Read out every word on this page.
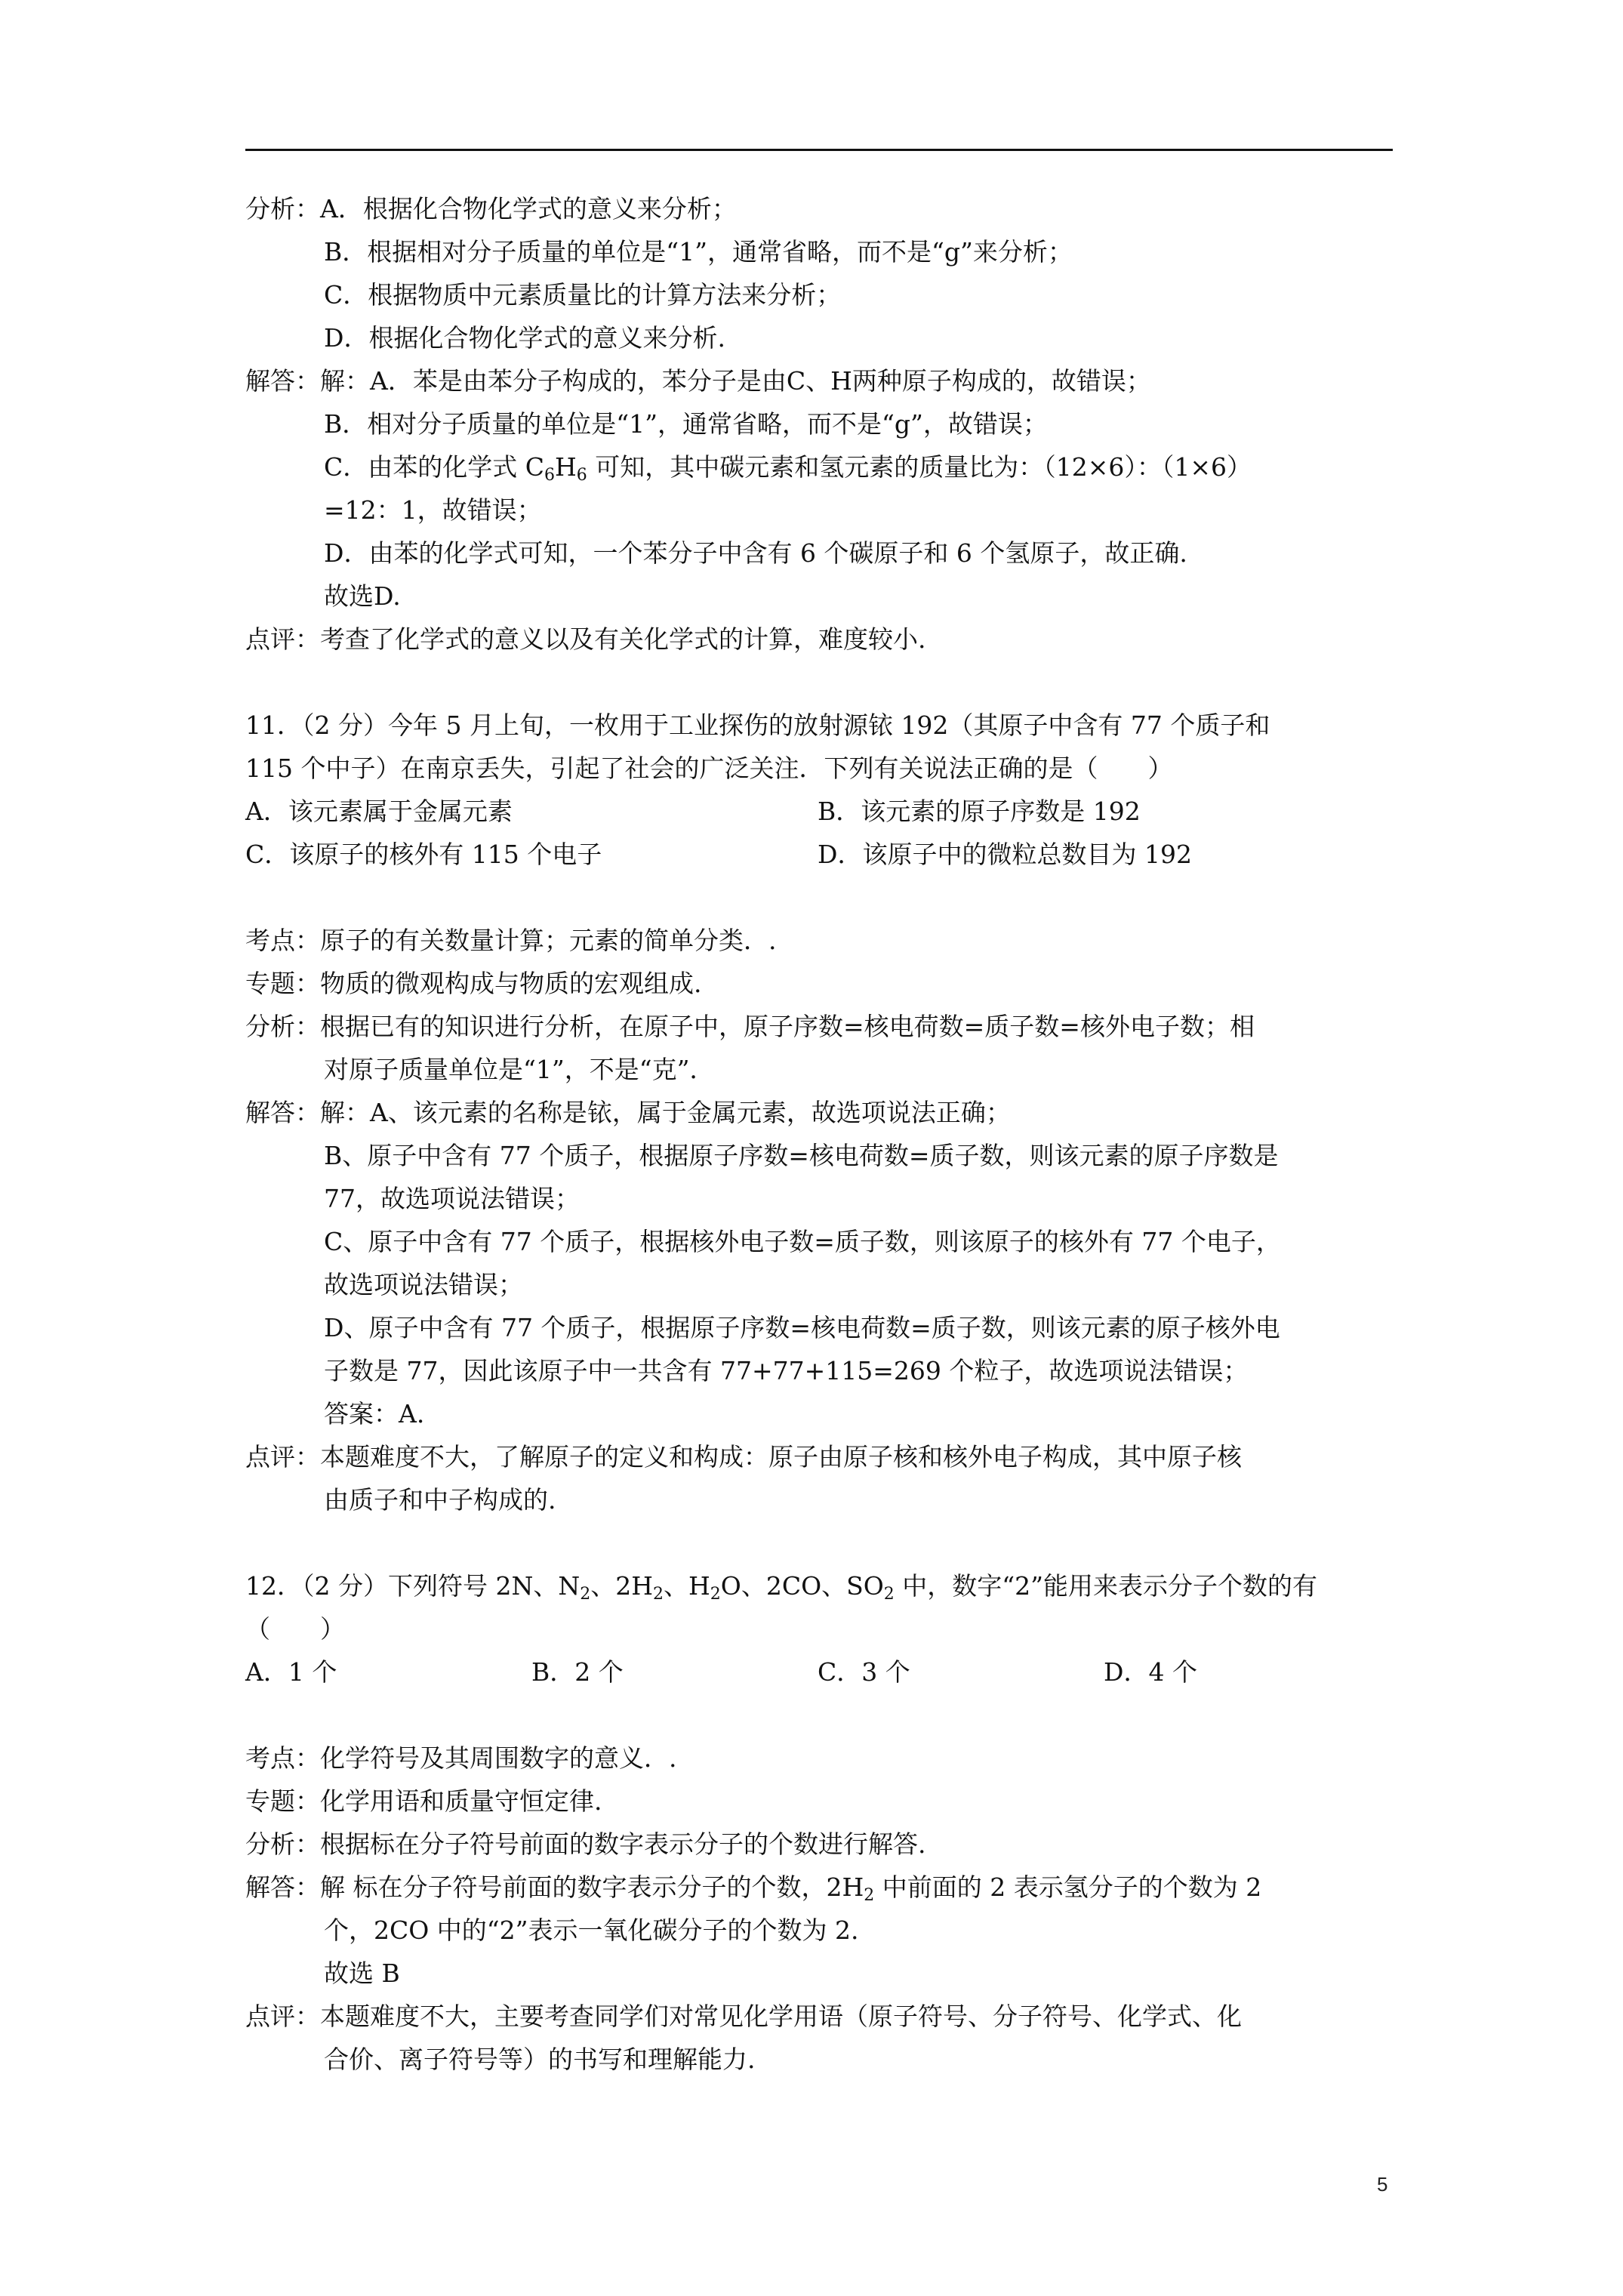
分析：A．根据化合物化学式的意义来分析；

B．根据相对分子质量的单位是“1”，通常省略，而不是“g”来分析；

C．根据物质中元素质量比的计算方法来分析；

D．根据化合物化学式的意义来分析.

解答：解：A．苯是由苯分子构成的，苯分子是由C、H两种原子构成的，故错误；

B．相对分子质量的单位是“1”，通常省略，而不是“g”，故错误；

C．由苯的化学式 $C_6H_6$ 可知，其中碳元素和氢元素的质量比为：（12×6）：（1×6）

=12：1，故错误；

D．由苯的化学式可知，一个苯分子中含有 6 个碳原子和 6 个氢原子，故正确.

故选D.

点评：考查了化学式的意义以及有关化学式的计算，难度较小.

11．（2 分）今年 5 月上旬，一枚用于工业探伤的放射源铱 192（其原子中含有 77 个质子和

115 个中子）在南京丢失，引起了社会的广泛关注．下列有关说法正确的是（　　）

A．该元素属于金属元素	B．该元素的原子序数是 192

C．该原子的核外有 115 个电子	D．该原子中的微粒总数目为 192

考点：原子的有关数量计算；元素的简单分类．.

专题：物质的微观构成与物质的宏观组成.

分析：根据已有的知识进行分析，在原子中，原子序数=核电荷数=质子数=核外电子数；相

对原子质量单位是“1”，不是“克”．

解答：解：A、该元素的名称是铱，属于金属元素，故选项说法正确；

B、原子中含有 77 个质子，根据原子序数=核电荷数=质子数，则该元素的原子序数是

77，故选项说法错误；

C、原子中含有 77 个质子，根据核外电子数=质子数，则该原子的核外有 77 个电子，

故选项说法错误；

D、原子中含有 77 个质子，根据原子序数=核电荷数=质子数，则该元素的原子核外电

子数是 77，因此该原子中一共含有 77+77+115=269 个粒子，故选项说法错误；

答案：A.

点评：本题难度不大，了解原子的定义和构成：原子由原子核和核外电子构成，其中原子核

由质子和中子构成的.

12．（2 分）下列符号 2N、$N_2$、$2H_2$、$H_2O$、2CO、$SO_2$ 中，数字“2”能用来表示分子个数的有

（　　）

A．1 个	B．2 个	C．3 个	D．4 个

考点：化学符号及其周围数字的意义．.

专题：化学用语和质量守恒定律.

分析：根据标在分子符号前面的数字表示分子的个数进行解答.

解答：解 标在分子符号前面的数字表示分子的个数，$2H_2$ 中前面的 2 表示氢分子的个数为 2

个，2CO 中的“2”表示一氧化碳分子的个数为 2.

故选 B

点评：本题难度不大，主要考查同学们对常见化学用语（原子符号、分子符号、化学式、化

合价、离子符号等）的书写和理解能力.

5
